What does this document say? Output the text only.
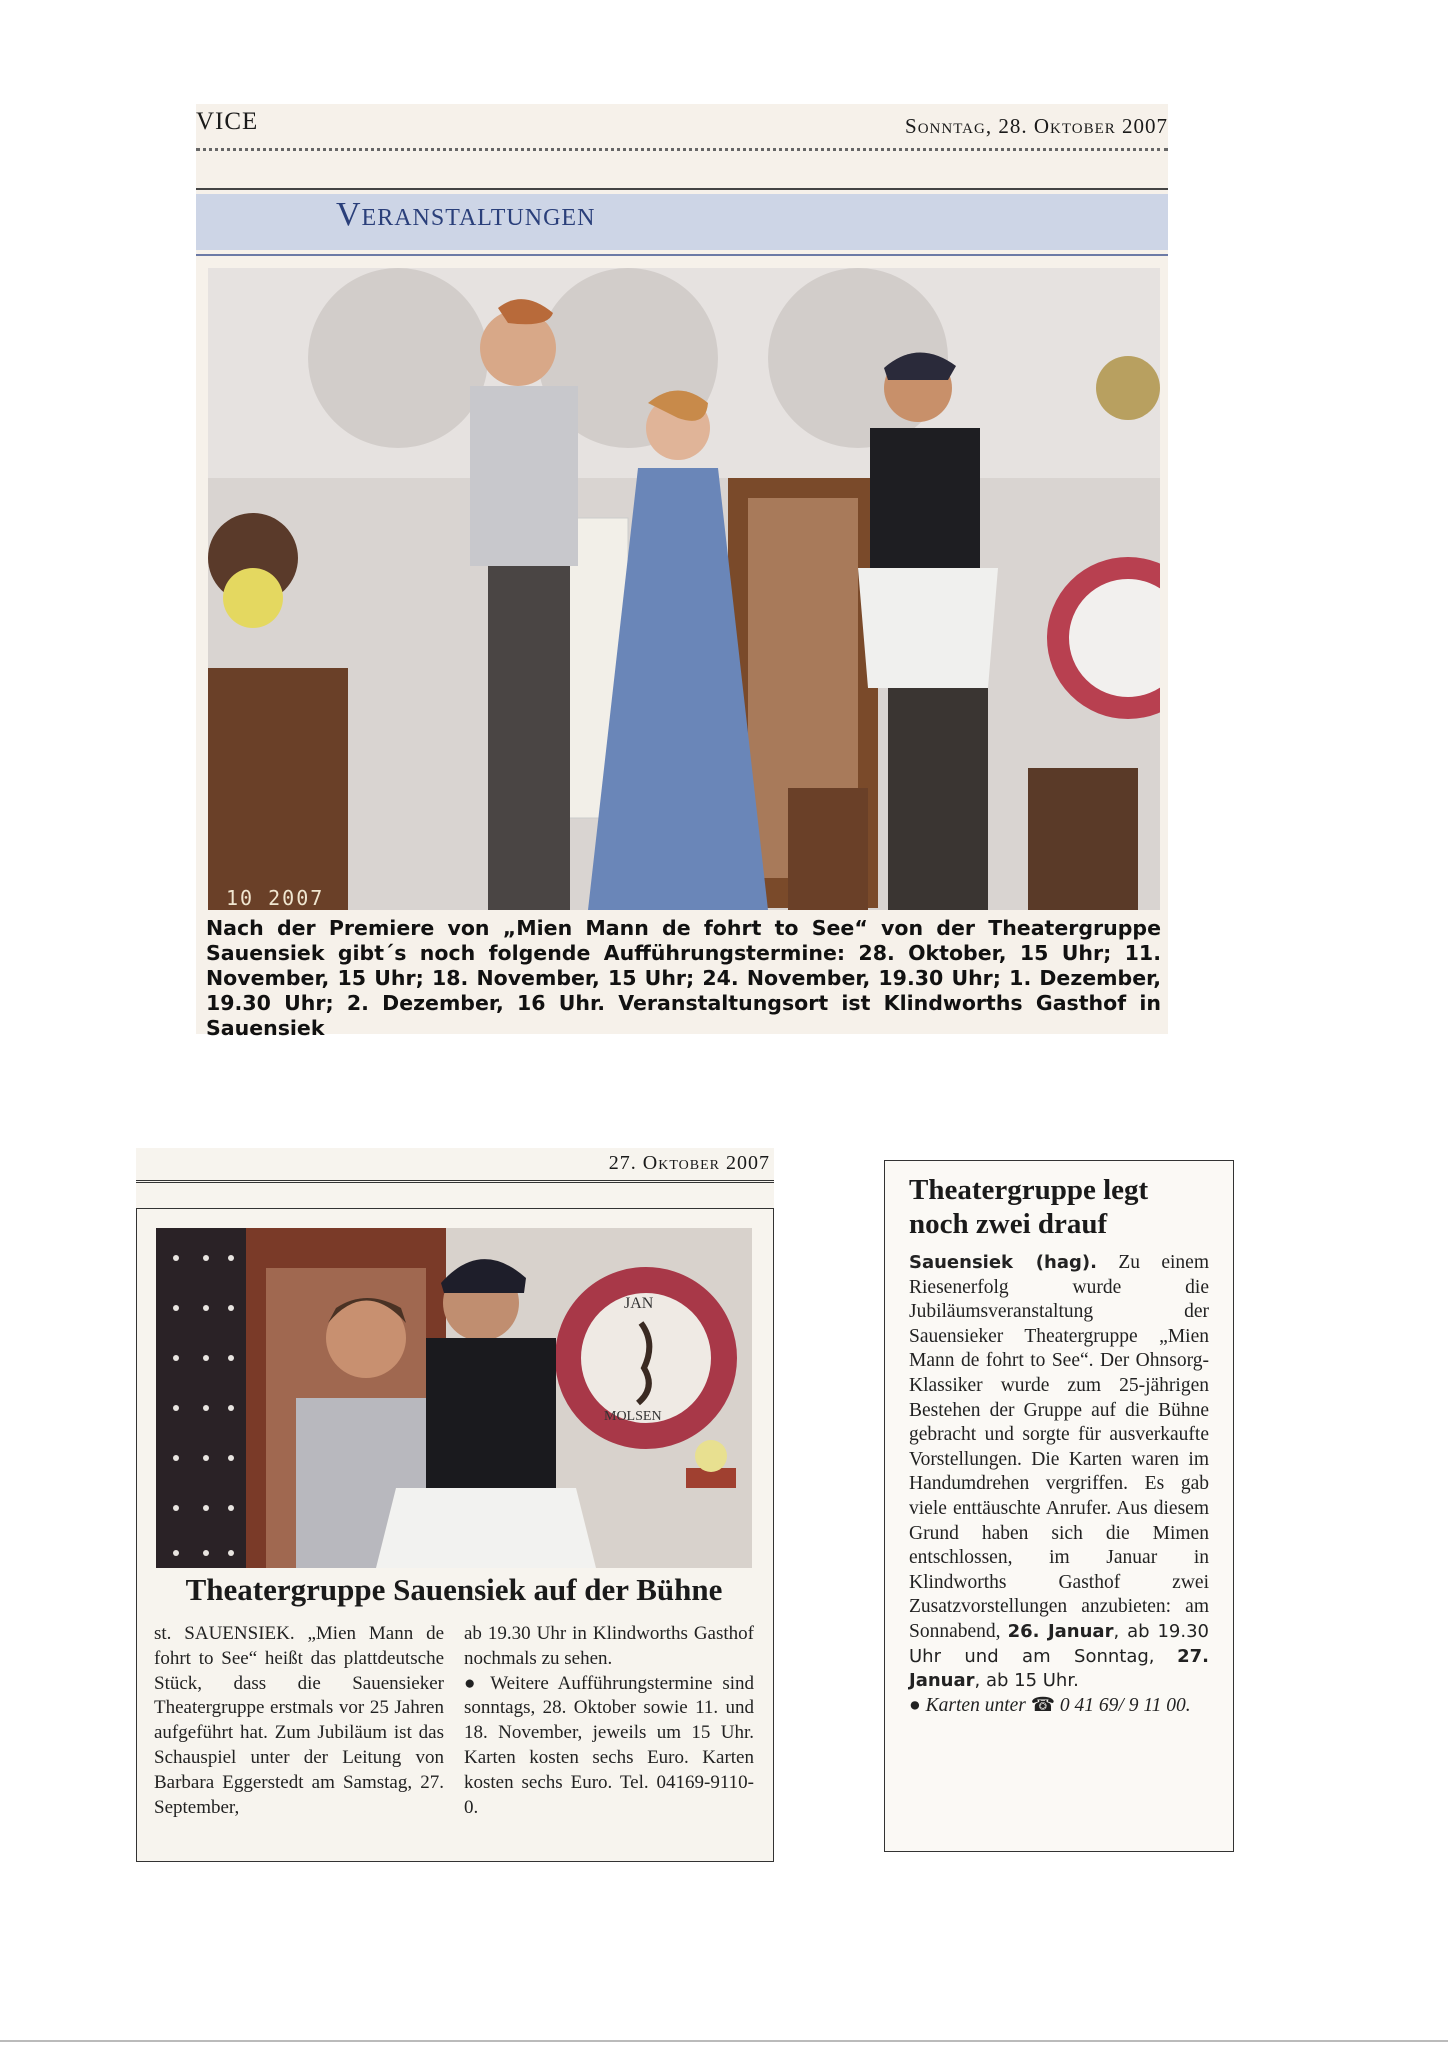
VICE	Sonntag, 28. Oktober 2007
Veranstaltungen
10 2007
Nach der Premiere von „Mien Mann de fohrt to See“ von der Theatergruppe Sauensiek gibt´s noch folgende Aufführungstermine: 28. Oktober, 15 Uhr; 11. November, 15 Uhr; 18. November, 15 Uhr; 24. November, 19.30 Uhr; 1. Dezember, 19.30 Uhr; 2. Dezember, 16 Uhr. Veranstaltungsort ist Klindworths Gasthof in Sauensiek
27. Oktober 2007
JAN
MOLSEN
Theatergruppe Sauensiek auf der Bühne

st. SAUENSIEK. „Mien Mann de fohrt to See“ heißt das plattdeutsche Stück, dass die Sauensieker Theatergruppe erstmals vor 25 Jahren aufgeführt hat. Zum Jubiläum ist das Schauspiel unter der Leitung von Barbara Eggerstedt am Samstag, 27. September,

ab 19.30 Uhr in Klindworths Gasthof nochmals zu sehen.

● Weitere Aufführungstermine sind sonntags, 28. Oktober sowie 11. und 18. November, jeweils um 15 Uhr. Karten kosten sechs Euro. Karten kosten sechs Euro. Tel. 04169-9110-0.

Theatergruppe legt noch zwei drauf

Sauensiek (hag). Zu einem Riesenerfolg wurde die Jubiläumsveranstaltung der Sauensieker Theatergruppe „Mien Mann de fohrt to See“. Der Ohnsorg-Klassiker wurde zum 25-jährigen Bestehen der Gruppe auf die Bühne gebracht und sorgte für ausverkaufte Vorstellungen. Die Karten waren im Handumdrehen vergriffen. Es gab viele enttäuschte Anrufer. Aus diesem Grund haben sich die Mimen entschlossen, im Januar in Klindworths Gasthof zwei Zusatzvorstellungen anzubieten: am Sonnabend, 26. Januar, ab 19.30 Uhr und am Sonntag, 27. Januar, ab 15 Uhr.

● Karten unter ☎ 0 41 69/ 9 11 00.
